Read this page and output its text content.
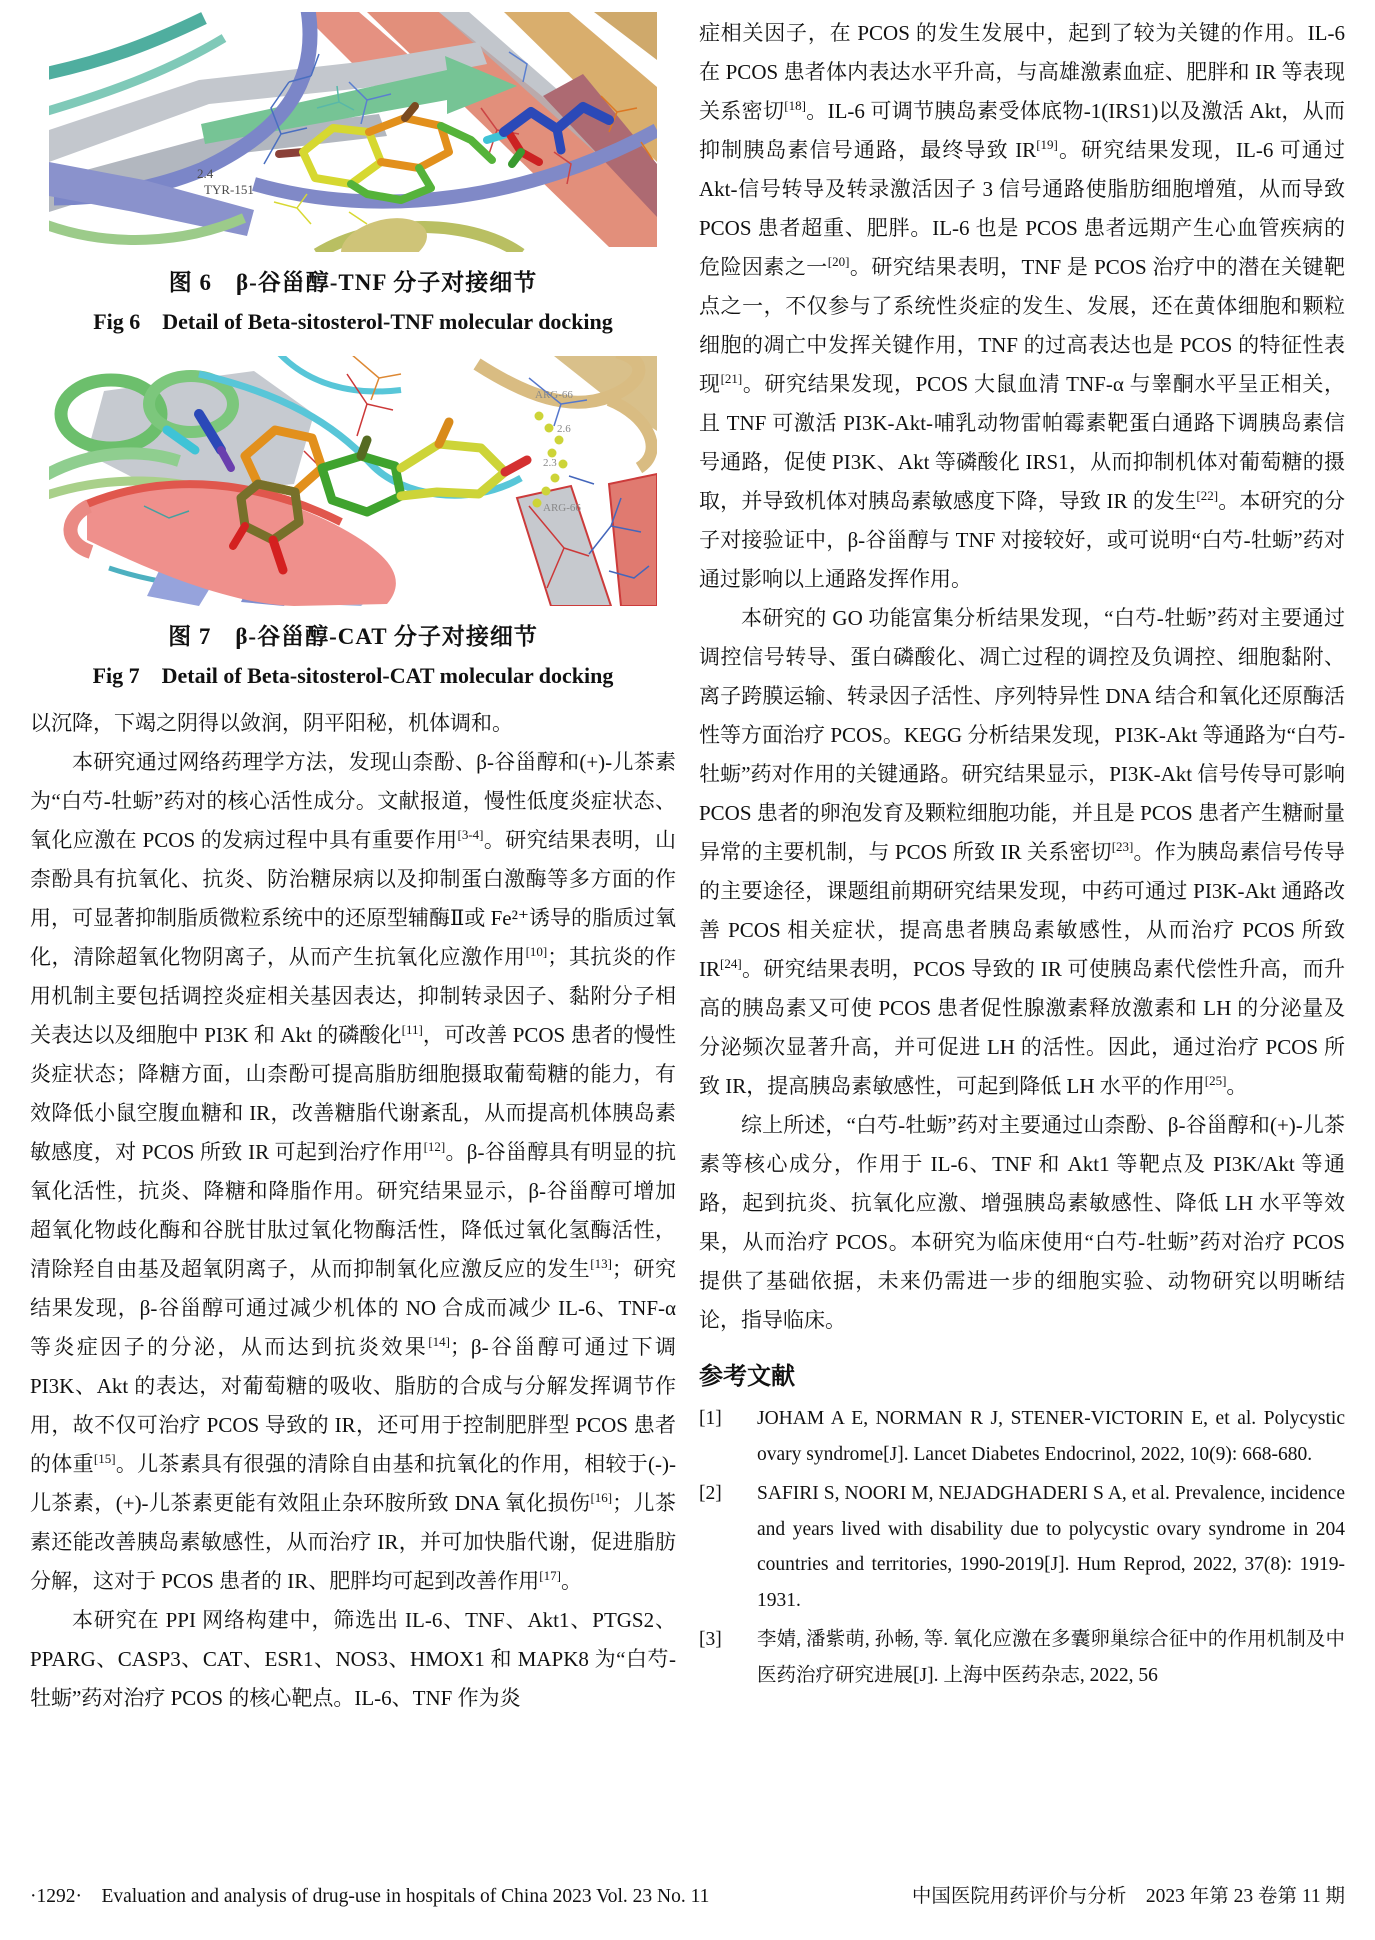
2.4
TYR-151
图 6　β-谷甾醇-TNF 分子对接细节
Fig 6　Detail of Beta-sitosterol-TNF molecular docking
ARG-66
2.6
2.3
ARG-66
图 7　β-谷甾醇-CAT 分子对接细节
Fig 7　Detail of Beta-sitosterol-CAT molecular docking

以沉降，下竭之阴得以敛润，阴平阳秘，机体调和。

本研究通过网络药理学方法，发现山柰酚、β-谷甾醇和(+)-儿茶素为“白芍-牡蛎”药对的核心活性成分。文献报道，慢性低度炎症状态、氧化应激在 PCOS 的发病过程中具有重要作用[3-4]。研究结果表明，山柰酚具有抗氧化、抗炎、防治糖尿病以及抑制蛋白激酶等多方面的作用，可显著抑制脂质微粒系统中的还原型辅酶Ⅱ或 Fe²⁺诱导的脂质过氧化，清除超氧化物阴离子，从而产生抗氧化应激作用[10]；其抗炎的作用机制主要包括调控炎症相关基因表达，抑制转录因子、黏附分子相关表达以及细胞中 PI3K 和 Akt 的磷酸化[11]，可改善 PCOS 患者的慢性炎症状态；降糖方面，山柰酚可提高脂肪细胞摄取葡萄糖的能力，有效降低小鼠空腹血糖和 IR，改善糖脂代谢紊乱，从而提高机体胰岛素敏感度，对 PCOS 所致 IR 可起到治疗作用[12]。β-谷甾醇具有明显的抗氧化活性，抗炎、降糖和降脂作用。研究结果显示，β-谷甾醇可增加超氧化物歧化酶和谷胱甘肽过氧化物酶活性，降低过氧化氢酶活性，清除羟自由基及超氧阴离子，从而抑制氧化应激反应的发生[13]；研究结果发现，β-谷甾醇可通过减少机体的 NO 合成而减少 IL-6、TNF-α 等炎症因子的分泌，从而达到抗炎效果[14]；β-谷甾醇可通过下调 PI3K、Akt 的表达，对葡萄糖的吸收、脂肪的合成与分解发挥调节作用，故不仅可治疗 PCOS 导致的 IR，还可用于控制肥胖型 PCOS 患者的体重[15]。儿茶素具有很强的清除自由基和抗氧化的作用，相较于(-)-儿茶素，(+)-儿茶素更能有效阻止杂环胺所致 DNA 氧化损伤[16]；儿茶素还能改善胰岛素敏感性，从而治疗 IR，并可加快脂代谢，促进脂肪分解，这对于 PCOS 患者的 IR、肥胖均可起到改善作用[17]。

本研究在 PPI 网络构建中，筛选出 IL-6、TNF、Akt1、PTGS2、PPARG、CASP3、CAT、ESR1、NOS3、HMOX1 和 MAPK8 为“白芍-牡蛎”药对治疗 PCOS 的核心靶点。IL-6、TNF 作为炎

症相关因子，在 PCOS 的发生发展中，起到了较为关键的作用。IL-6 在 PCOS 患者体内表达水平升高，与高雄激素血症、肥胖和 IR 等表现关系密切[18]。IL-6 可调节胰岛素受体底物-1(IRS1)以及激活 Akt，从而抑制胰岛素信号通路，最终导致 IR[19]。研究结果发现，IL-6 可通过 Akt-信号转导及转录激活因子 3 信号通路使脂肪细胞增殖，从而导致 PCOS 患者超重、肥胖。IL-6 也是 PCOS 患者远期产生心血管疾病的危险因素之一[20]。研究结果表明，TNF 是 PCOS 治疗中的潜在关键靶点之一，不仅参与了系统性炎症的发生、发展，还在黄体细胞和颗粒细胞的凋亡中发挥关键作用，TNF 的过高表达也是 PCOS 的特征性表现[21]。研究结果发现，PCOS 大鼠血清 TNF-α 与睾酮水平呈正相关，且 TNF 可激活 PI3K-Akt-哺乳动物雷帕霉素靶蛋白通路下调胰岛素信号通路，促使 PI3K、Akt 等磷酸化 IRS1，从而抑制机体对葡萄糖的摄取，并导致机体对胰岛素敏感度下降，导致 IR 的发生[22]。本研究的分子对接验证中，β-谷甾醇与 TNF 对接较好，或可说明“白芍-牡蛎”药对通过影响以上通路发挥作用。

本研究的 GO 功能富集分析结果发现，“白芍-牡蛎”药对主要通过调控信号转导、蛋白磷酸化、凋亡过程的调控及负调控、细胞黏附、离子跨膜运输、转录因子活性、序列特异性 DNA 结合和氧化还原酶活性等方面治疗 PCOS。KEGG 分析结果发现，PI3K-Akt 等通路为“白芍-牡蛎”药对作用的关键通路。研究结果显示，PI3K-Akt 信号传导可影响 PCOS 患者的卵泡发育及颗粒细胞功能，并且是 PCOS 患者产生糖耐量异常的主要机制，与 PCOS 所致 IR 关系密切[23]。作为胰岛素信号传导的主要途径，课题组前期研究结果发现，中药可通过 PI3K-Akt 通路改善 PCOS 相关症状，提高患者胰岛素敏感性，从而治疗 PCOS 所致 IR[24]。研究结果表明，PCOS 导致的 IR 可使胰岛素代偿性升高，而升高的胰岛素又可使 PCOS 患者促性腺激素释放激素和 LH 的分泌量及分泌频次显著升高，并可促进 LH 的活性。因此，通过治疗 PCOS 所致 IR，提高胰岛素敏感性，可起到降低 LH 水平的作用[25]。

综上所述，“白芍-牡蛎”药对主要通过山柰酚、β-谷甾醇和(+)-儿茶素等核心成分，作用于 IL-6、TNF 和 Akt1 等靶点及 PI3K/Akt 等通路，起到抗炎、抗氧化应激、增强胰岛素敏感性、降低 LH 水平等效果，从而治疗 PCOS。本研究为临床使用“白芍-牡蛎”药对治疗 PCOS 提供了基础依据，未来仍需进一步的细胞实验、动物研究以明晰结论，指导临床。

参考文献
[1]	JOHAM A E, NORMAN R J, STENER-VICTORIN E, et al. Polycystic ovary syndrome[J]. Lancet Diabetes Endocrinol, 2022, 10(9): 668-680.
[2]	SAFIRI S, NOORI M, NEJADGHADERI S A, et al. Prevalence, incidence and years lived with disability due to polycystic ovary syndrome in 204 countries and territories, 1990-2019[J]. Hum Reprod, 2022, 37(8): 1919-1931.
[3]	李婧, 潘紫萌, 孙畅, 等. 氧化应激在多囊卵巢综合征中的作用机制及中医药治疗研究进展[J]. 上海中医药杂志, 2022, 56
·1292·　Evaluation and analysis of drug-use in hospitals of China 2023 Vol. 23 No. 11	中国医院用药评价与分析　2023 年第 23 卷第 11 期
